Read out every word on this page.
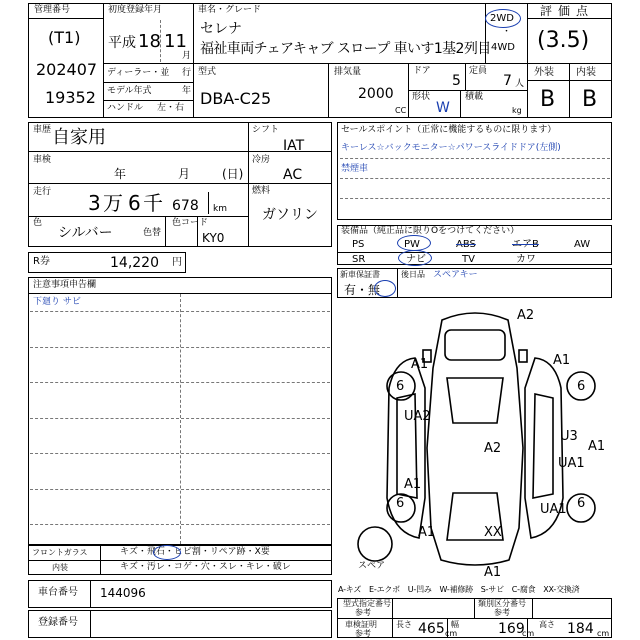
管理番号
(T1)
202407
19352
初度登録年月
平成 18 11
月
ディーラー・並 行
モデル年式	年
ハンドル 左・右
車名・グレード
セレナ
福祉車両チェアキャブ スロープ 車いす1基2列目
2WD
・
4WD
型式
DBA-C25
排気量
2000
CC
ドア
5
定員
7 人
形状
W
積載
kg
評価点
(3.5)
外装 内装
B B
車歴 自家用	シフト
IAT
車検
年	月	(日)
冷房
AC
走行 3 万 6 千 678 km
燃料
ガソリン
色
シルバー	色替
色コード
KY0
R券	14,220 円
セールスポイント（正常に機能するものに限ります）
キーレス☆バックモニター☆パワースライドドア(左側)
禁煙車
装備品（純正品に限りOをつけてください）
PS	PW	ABS	エアB	AW
SR	ナビ	TV	カワ
新車保証書
有・無
後日品 スペアキー
注意事項申告欄
下廻り サビ
A2
A1
A1
6	6
UA2
A2
U3
A1
UA1
6	6
A1
A1
UA1
XX
A1
スペア
A-キズ　E-エクボ　U-凹み　W-補修跡　S-サビ　C-腐食　XX-交換済
フロントガラス	キズ・飛石・ヒビ割・リペア跡・X要
内装	キズ・汚レ・コゲ・穴・スレ・キレ・破レ
車台番号 144096
登録番号
型式指定番号
参考
類別区分番号
参考
車検証明
参考
長さ 465 cm
幅	169
cm
高さ 184 cm
